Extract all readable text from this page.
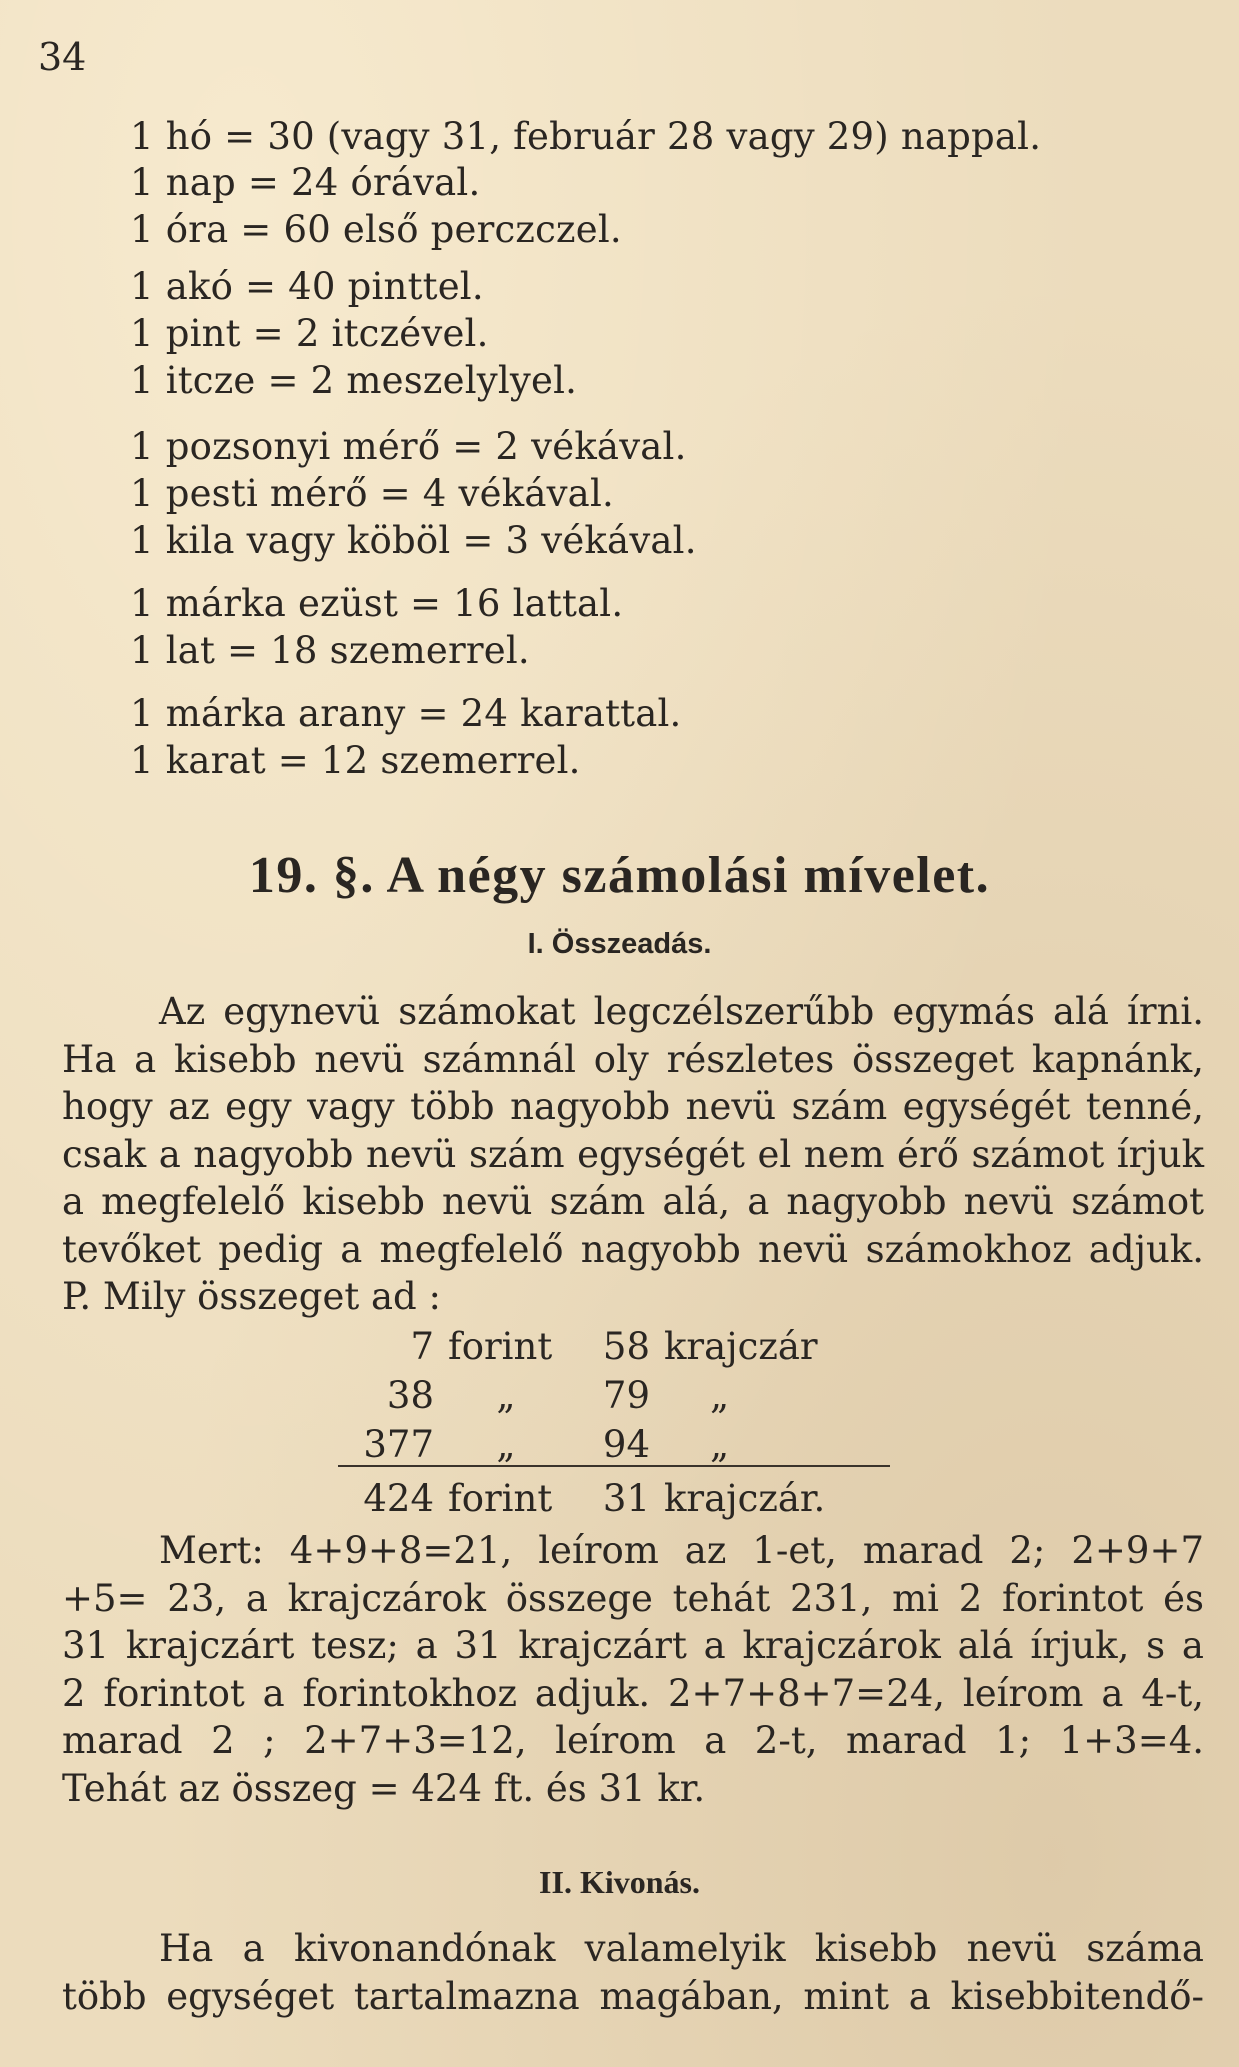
34

1 hó = 30 (vagy 31, február 28 vagy 29) nappal.

1 nap = 24 órával.

1 óra = 60 első perczczel.

1 akó = 40 pinttel.

1 pint = 2 itczével.

1 itcze = 2 meszelylyel.

1 pozsonyi mérő = 2 vékával.

1 pesti mérő = 4 vékával.

1 kila vagy köböl = 3 vékával.

1 márka ezüst = 16 lattal.

1 lat = 18 szemerrel.

1 márka arany = 24 karattal.

1 karat = 12 szemerrel.

19. §. A négy számolási mívelet.
I. Összeadás.
Az egynevü számokat legczélszerűbb egymás alá írni.
Ha a kisebb nevü számnál oly részletes összeget kapnánk,
hogy az egy vagy több nagyobb nevü szám egységét tenné,
csak a nagyobb nevü szám egységét el nem érő számot írjuk
a megfelelő kisebb nevü szám alá, a nagyobb nevü számot
tevőket pedig a megfelelő nagyobb nevü számokhoz adjuk.
P. Mily összeget ad :
7 forint 58 krajczár
38 „ 79 „
377 „ 94 „
424 forint 31 krajczár.
Mert: 4+9+8=21, leírom az 1-et, marad 2; 2+9+7
+5= 23, a krajczárok összege tehát 231, mi 2 forintot és
31 krajczárt tesz; a 31 krajczárt a krajczárok alá írjuk, s a
2 forintot a forintokhoz adjuk. 2+7+8+7=24, leírom a 4-t,
marad 2 ; 2+7+3=12, leírom a 2-t, marad 1; 1+3=4.
Tehát az összeg = 424 ft. és 31 kr.
II. Kivonás.
Ha a kivonandónak valamelyik kisebb nevü száma
több egységet tartalmazna magában, mint a kisebbitendő-
